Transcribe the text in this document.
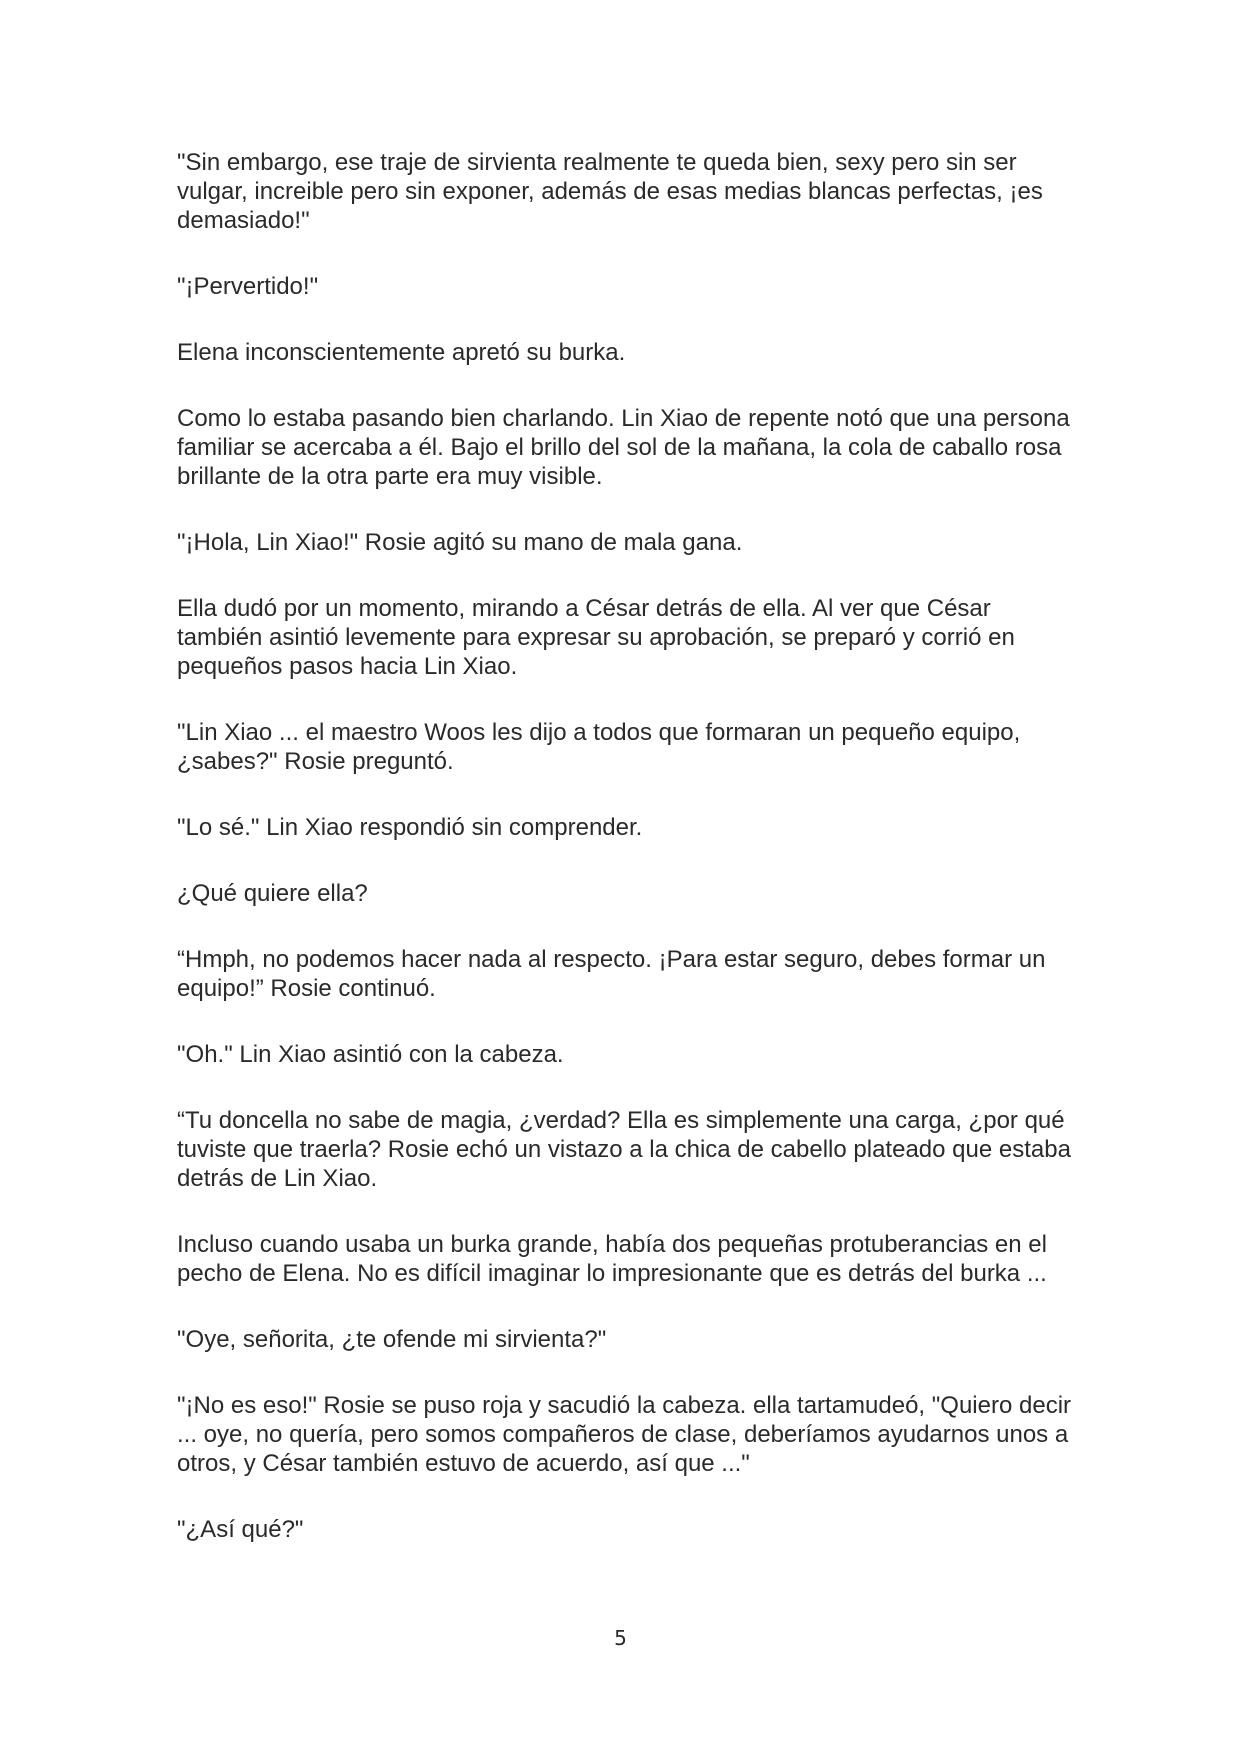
"Sin embargo, ese traje de sirvienta realmente te queda bien, sexy pero sin ser vulgar, increible pero sin exponer, además de esas medias blancas perfectas, ¡es demasiado!"

"¡Pervertido!"

Elena inconscientemente apretó su burka.

Como lo estaba pasando bien charlando. Lin Xiao de repente notó que una persona familiar se acercaba a él. Bajo el brillo del sol de la mañana, la cola de caballo rosa brillante de la otra parte era muy visible.

"¡Hola, Lin Xiao!" Rosie agitó su mano de mala gana.

Ella dudó por un momento, mirando a César detrás de ella. Al ver que César también asintió levemente para expresar su aprobación, se preparó y corrió en pequeños pasos hacia Lin Xiao.

"Lin Xiao ... el maestro Woos les dijo a todos que formaran un pequeño equipo, ¿sabes?" Rosie preguntó.

"Lo sé." Lin Xiao respondió sin comprender.

¿Qué quiere ella?

“Hmph, no podemos hacer nada al respecto. ¡Para estar seguro, debes formar un equipo!” Rosie continuó.

"Oh." Lin Xiao asintió con la cabeza.

“Tu doncella no sabe de magia, ¿verdad? Ella es simplemente una carga, ¿por qué tuviste que traerla? Rosie echó un vistazo a la chica de cabello plateado que estaba detrás de Lin Xiao.

Incluso cuando usaba un burka grande, había dos pequeñas protuberancias en el pecho de Elena. No es difícil imaginar lo impresionante que es detrás del burka ...

"Oye, señorita, ¿te ofende mi sirvienta?"

"¡No es eso!" Rosie se puso roja y sacudió la cabeza. ella tartamudeó, "Quiero decir ... oye, no quería, pero somos compañeros de clase, deberíamos ayudarnos unos a otros, y César también estuvo de acuerdo, así que ..."

"¿Así qué?"

5
